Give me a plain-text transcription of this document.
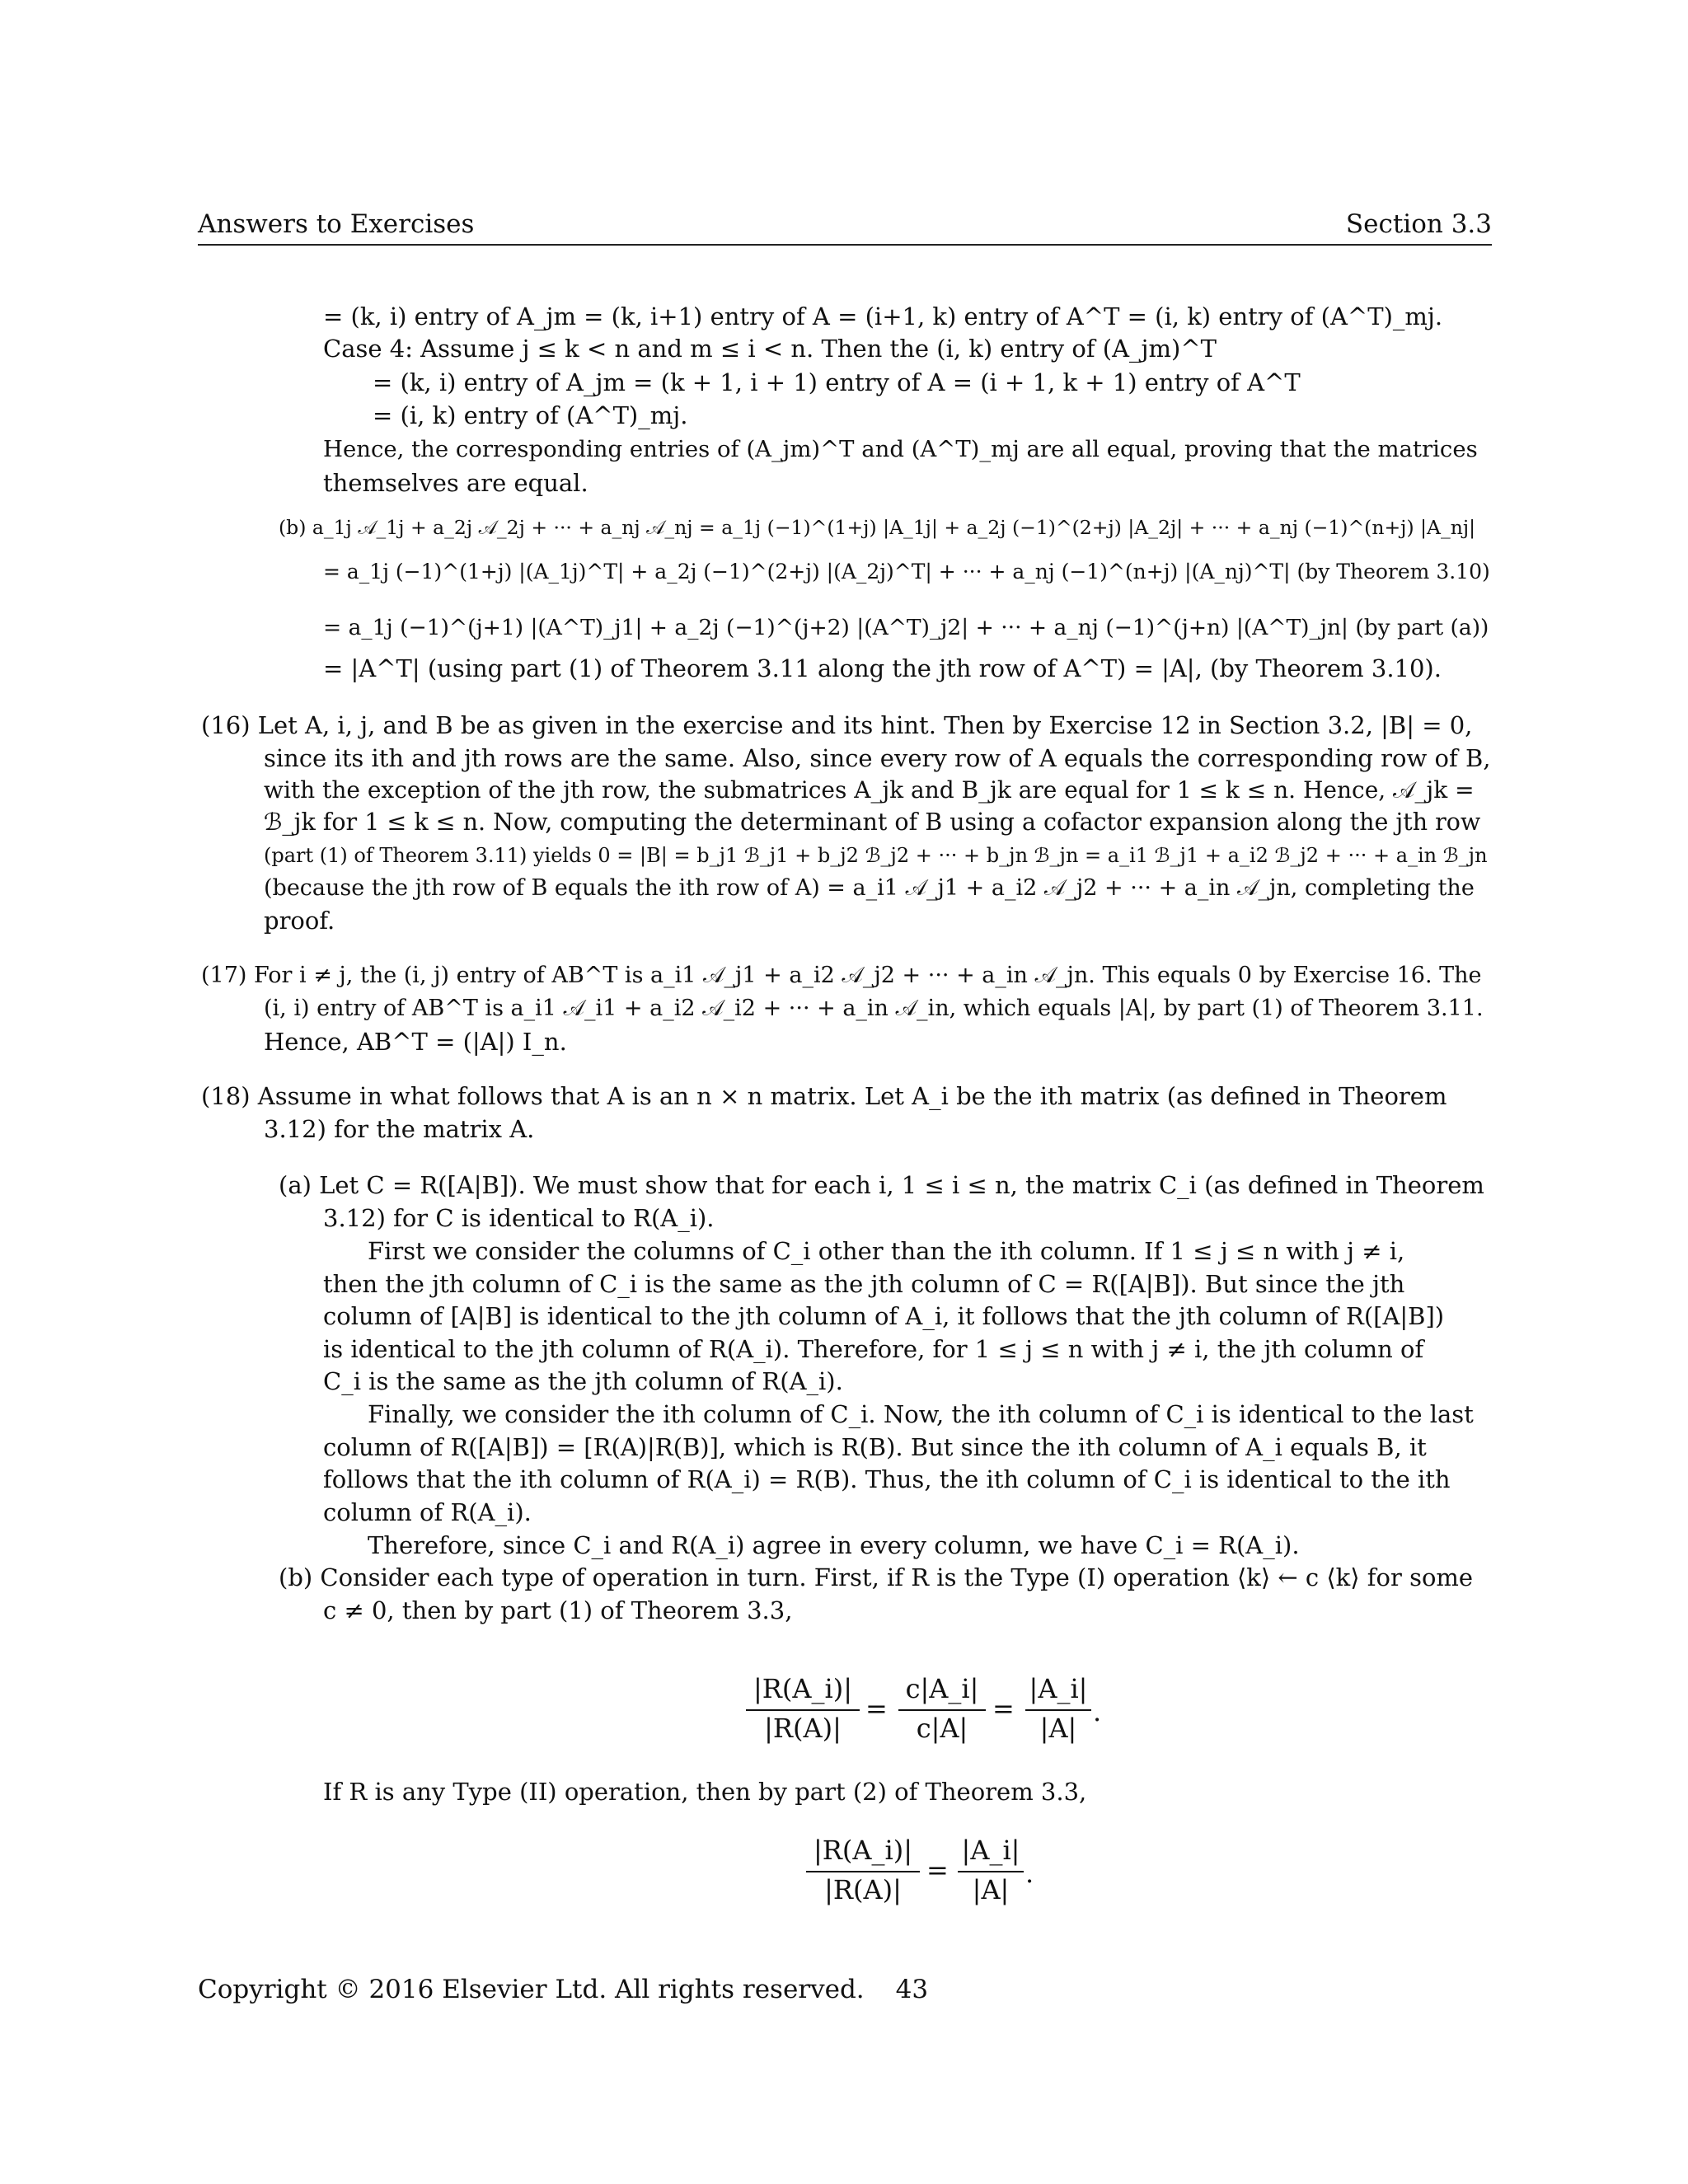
Answers to Exercises	Section 3.3
= (k, i) entry of A_jm = (k, i+1) entry of A = (i+1, k) entry of A^T = (i, k) entry of (A^T)_mj.
Case 4: Assume j ≤ k < n and m ≤ i < n. Then the (i, k) entry of (A_jm)^T
= (k, i) entry of A_jm = (k + 1, i + 1) entry of A = (i + 1, k + 1) entry of A^T
= (i, k) entry of (A^T)_mj.
Hence, the corresponding entries of (A_jm)^T and (A^T)_mj are all equal, proving that the matrices
themselves are equal.
(b) a_1j 𝒜_1j + a_2j 𝒜_2j + ··· + a_nj 𝒜_nj = a_1j (−1)^(1+j) |A_1j| + a_2j (−1)^(2+j) |A_2j| + ··· + a_nj (−1)^(n+j) |A_nj|
= a_1j (−1)^(1+j) |(A_1j)^T| + a_2j (−1)^(2+j) |(A_2j)^T| + ··· + a_nj (−1)^(n+j) |(A_nj)^T| (by Theorem 3.10)
= a_1j (−1)^(j+1) |(A^T)_j1| + a_2j (−1)^(j+2) |(A^T)_j2| + ··· + a_nj (−1)^(j+n) |(A^T)_jn| (by part (a))
= |A^T| (using part (1) of Theorem 3.11 along the jth row of A^T) = |A|, (by Theorem 3.10).
(16) Let A, i, j, and B be as given in the exercise and its hint. Then by Exercise 12 in Section 3.2, |B| = 0,
since its ith and jth rows are the same. Also, since every row of A equals the corresponding row of B,
with the exception of the jth row, the submatrices A_jk and B_jk are equal for 1 ≤ k ≤ n. Hence, 𝒜_jk =
ℬ_jk for 1 ≤ k ≤ n. Now, computing the determinant of B using a cofactor expansion along the jth row
(part (1) of Theorem 3.11) yields 0 = |B| = b_j1 ℬ_j1 + b_j2 ℬ_j2 + ··· + b_jn ℬ_jn = a_i1 ℬ_j1 + a_i2 ℬ_j2 + ··· + a_in ℬ_jn
(because the jth row of B equals the ith row of A) = a_i1 𝒜_j1 + a_i2 𝒜_j2 + ··· + a_in 𝒜_jn, completing the
proof.
(17) For i ≠ j, the (i, j) entry of AB^T is a_i1 𝒜_j1 + a_i2 𝒜_j2 + ··· + a_in 𝒜_jn. This equals 0 by Exercise 16. The
(i, i) entry of AB^T is a_i1 𝒜_i1 + a_i2 𝒜_i2 + ··· + a_in 𝒜_in, which equals |A|, by part (1) of Theorem 3.11.
Hence, AB^T = (|A|) I_n.
(18) Assume in what follows that A is an n × n matrix. Let A_i be the ith matrix (as defined in Theorem
3.12) for the matrix A.
(a) Let C = R([A|B]). We must show that for each i, 1 ≤ i ≤ n, the matrix C_i (as defined in Theorem
3.12) for C is identical to R(A_i).
First we consider the columns of C_i other than the ith column. If 1 ≤ j ≤ n with j ≠ i,
then the jth column of C_i is the same as the jth column of C = R([A|B]). But since the jth
column of [A|B] is identical to the jth column of A_i, it follows that the jth column of R([A|B])
is identical to the jth column of R(A_i). Therefore, for 1 ≤ j ≤ n with j ≠ i, the jth column of
C_i is the same as the jth column of R(A_i).
Finally, we consider the ith column of C_i. Now, the ith column of C_i is identical to the last
column of R([A|B]) = [R(A)|R(B)], which is R(B). But since the ith column of A_i equals B, it
follows that the ith column of R(A_i) = R(B). Thus, the ith column of C_i is identical to the ith
column of R(A_i).
Therefore, since C_i and R(A_i) agree in every column, we have C_i = R(A_i).
(b) Consider each type of operation in turn. First, if R is the Type (I) operation ⟨k⟩ ← c ⟨k⟩ for some
c ≠ 0, then by part (1) of Theorem 3.3,
If R is any Type (II) operation, then by part (2) of Theorem 3.3,
|R(A_i)|
|R(A)|
=
c|A_i|
c|A|
=
|A_i|
|A|
.
|R(A_i)|
|R(A)|
=
|A_i|
|A|
.
Copyright © 2016 Elsevier Ltd. All rights reserved. 43
